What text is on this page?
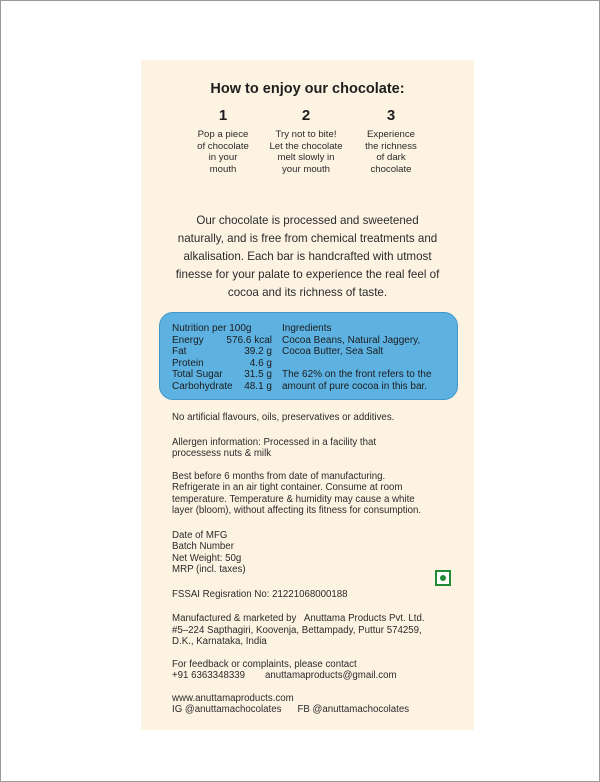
How to enjoy our chocolate:
1
Pop a piece
of chocolate
in your
mouth
2
Try not to bite!
Let the chocolate
melt slowly in
your mouth
3
Experience
the richness
of dark
chocolate
Our chocolate is processed and sweetened
naturally, and is free from chemical treatments and
alkalisation. Each bar is handcrafted with utmost
finesse for your palate to experience the real feel of
cocoa and its richness of taste.
Nutrition per 100g
Energy 576.6 kcal
Fat	39.2 g
Protein	4.6 g
Total Sugar 31.5 g
Carbohydrate 48.1 g
Ingredients
Cocoa Beans, Natural Jaggery,
Cocoa Butter, Sea Salt
The 62% on the front refers to the
amount of pure cocoa in this bar.
No artificial flavours, oils, preservatives or additives.
Allergen information: Processed in a facility that
processess nuts & milk
Best before 6 months from date of manufacturing.
Refrigerate in an air tight container. Consume at room
temperature. Temperature & humidity may cause a white
layer (bloom), without affecting its fitness for consumption.
Date of MFG
Batch Number
Net Weight: 50g
MRP (incl. taxes)
FSSAI Regisration No: 21221068000188
Manufactured & marketed by   Anuttama Products Pvt. Ltd.
#5–224 Sapthagiri, Koovenja, Bettampady, Puttur 574259,
D.K., Karnataka, India
For feedback or complaints, please contact
+91 6363348339 anuttamaproducts@gmail.com
www.anuttamaproducts.com
IG @anuttamachocolates FB @anuttamachocolates
